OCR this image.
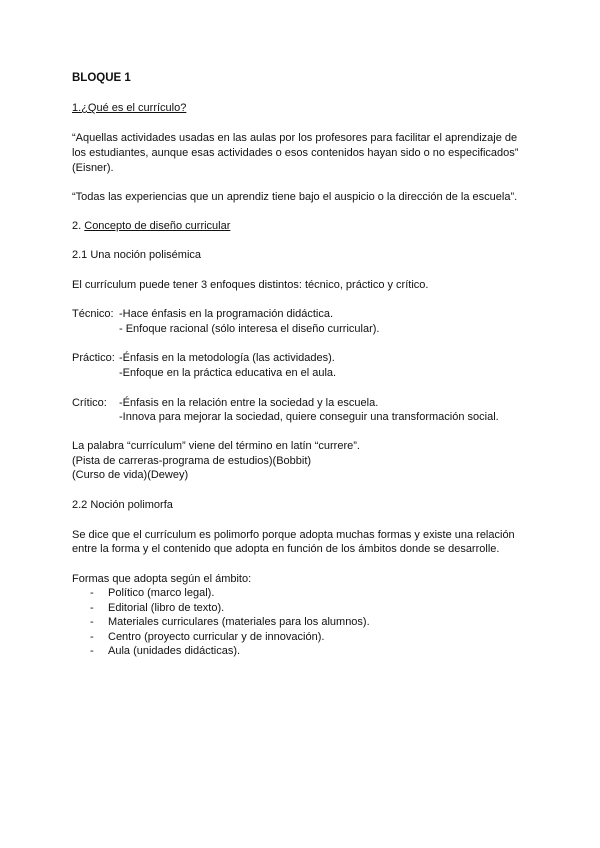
BLOQUE 1
1.¿Qué es el currículo?
“Aquellas actividades usadas en las aulas por los profesores para facilitar el aprendizaje de
los estudiantes, aunque esas actividades o esos contenidos hayan sido o no especificados”
(Eisner).
“Todas las experiencias que un aprendiz tiene bajo el auspicio o la dirección de la escuela”.
2. Concepto de diseño curricular
2.1 Una noción polisémica
El currículum puede tener 3 enfoques distintos: técnico, práctico y crítico.
Técnico: -Hace énfasis en la programación didáctica.
- Enfoque racional (sólo interesa el diseño curricular).
Práctico: -Énfasis en la metodología (las actividades).
-Enfoque en la práctica educativa en el aula.
Crítico: -Énfasis en la relación entre la sociedad y la escuela.
-Innova para mejorar la sociedad, quiere conseguir una transformación social.
La palabra “currículum” viene del término en latín “currere”.
(Pista de carreras-programa de estudios)(Bobbit)
(Curso de vida)(Dewey)
2.2 Noción polimorfa
Se dice que el currículum es polimorfo porque adopta muchas formas y existe una relación
entre la forma y el contenido que adopta en función de los ámbitos donde se desarrolle.
Formas que adopta según el ámbito:
- Político (marco legal).
- Editorial (libro de texto).
- Materiales curriculares (materiales para los alumnos).
- Centro (proyecto curricular y de innovación).
- Aula (unidades didácticas).
